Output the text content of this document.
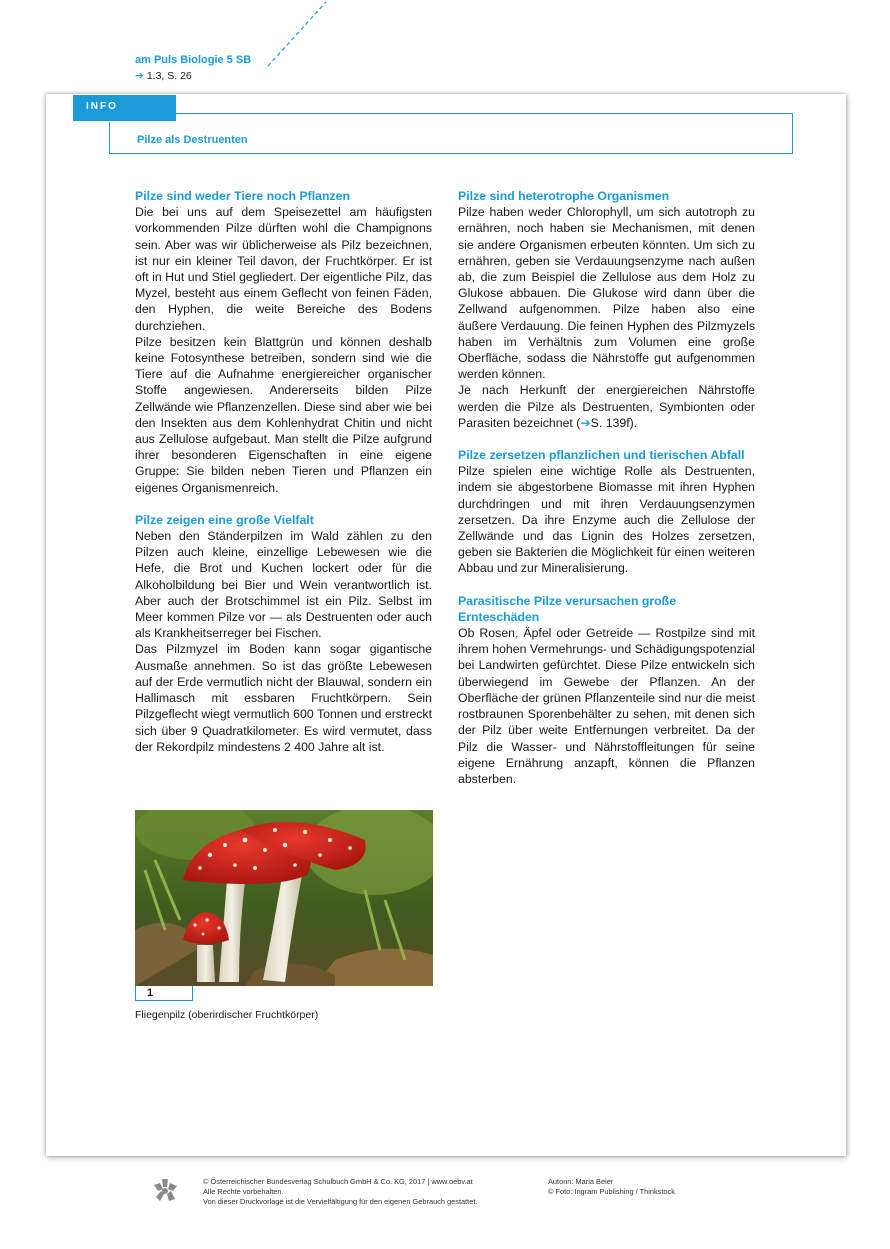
am Puls Biologie 5 SB
➔ 1.3, S. 26
INFO
Pilze als Destruenten
Pilze sind weder Tiere noch Pflanzen

Die bei uns auf dem Speisezettel am häufigsten vorkommenden Pilze dürften wohl die Champignons sein. Aber was wir üblicherweise als Pilz bezeichnen, ist nur ein kleiner Teil davon, der Fruchtkörper. Er ist oft in Hut und Stiel gegliedert. Der eigentliche Pilz, das Myzel, besteht aus einem Geflecht von feinen Fäden, den Hyphen, die weite Bereiche des Bodens durchziehen.

Pilze besitzen kein Blattgrün und können deshalb keine Fotosynthese betreiben, sondern sind wie die Tiere auf die Aufnahme energiereicher organischer Stoffe angewiesen. Andererseits bilden Pilze Zellwände wie Pflanzenzellen. Diese sind aber wie bei den Insekten aus dem Kohlenhydrat Chitin und nicht aus Zellulose aufgebaut. Man stellt die Pilze aufgrund ihrer besonderen Eigenschaften in eine eigene Gruppe: Sie bilden neben Tieren und Pflanzen ein eigenes Organismenreich.

Pilze zeigen eine große Vielfalt

Neben den Ständerpilzen im Wald zählen zu den Pilzen auch kleine, einzellige Lebewesen wie die Hefe, die Brot und Kuchen lockert oder für die Alkoholbildung bei Bier und Wein verantwortlich ist. Aber auch der Brotschimmel ist ein Pilz. Selbst im Meer kommen Pilze vor — als Destruenten oder auch als Krankheitserreger bei Fischen.

Das Pilzmyzel im Boden kann sogar gigantische Ausmaße annehmen. So ist das größte Lebewesen auf der Erde vermutlich nicht der Blauwal, sondern ein Hallimasch mit essbaren Fruchtkörpern. Sein Pilzgeflecht wiegt vermutlich 600 Tonnen und erstreckt sich über 9 Quadratkilometer. Es wird vermutet, dass der Rekordpilz mindestens 2 400 Jahre alt ist.

Pilze sind heterotrophe Organismen

Pilze haben weder Chlorophyll, um sich autotroph zu ernähren, noch haben sie Mechanismen, mit denen sie andere Organismen erbeuten könnten. Um sich zu ernähren, geben sie Verdauungsenzyme nach außen ab, die zum Beispiel die Zellulose aus dem Holz zu Glukose abbauen. Die Glukose wird dann über die Zellwand aufgenommen. Pilze haben also eine äußere Verdauung. Die feinen Hyphen des Pilzmyzels haben im Verhältnis zum Volumen eine große Oberfläche, sodass die Nährstoffe gut aufgenommen werden können.

Je nach Herkunft der energiereichen Nährstoffe werden die Pilze als Destruenten, Symbionten oder Parasiten bezeichnet (➔S. 139f).

Pilze zersetzen pflanzlichen und tierischen Abfall

Pilze spielen eine wichtige Rolle als Destruenten, indem sie abgestorbene Biomasse mit ihren Hyphen durchdringen und mit ihren Verdauungsenzymen zersetzen. Da ihre Enzyme auch die Zellulose der Zellwände und das Lignin des Holzes zersetzen, geben sie Bakterien die Möglichkeit für einen weiteren Abbau und zur Mineralisierung.

Parasitische Pilze verursachen große Ernteschäden

Ob Rosen, Äpfel oder Getreide — Rostpilze sind mit ihrem hohen Vermehrungs- und Schädigungspotenzial bei Landwirten gefürchtet. Diese Pilze entwickeln sich überwiegend im Gewebe der Pflanzen. An der Oberfläche der grünen Pflanzenteile sind nur die meist rostbraunen Sporenbehälter zu sehen, mit denen sich der Pilz über weite Entfernungen verbreitet. Da der Pilz die Wasser- und Nährstoffleitungen für seine eigene Ernährung anzapft, können die Pflanzen absterben.

1
Fliegenpilz (oberirdischer Fruchtkörper)
© Österreichischer Bundesverlag Schulbuch GmbH & Co. KG, 2017 | www.oebv.at
Alle Rechte vorbehalten.
Von dieser Druckvorlage ist die Vervielfältigung für den eigenen Gebrauch gestattet.
Autorin: Maria Beier
© Foto: Ingram Publishing / Thinkstock
